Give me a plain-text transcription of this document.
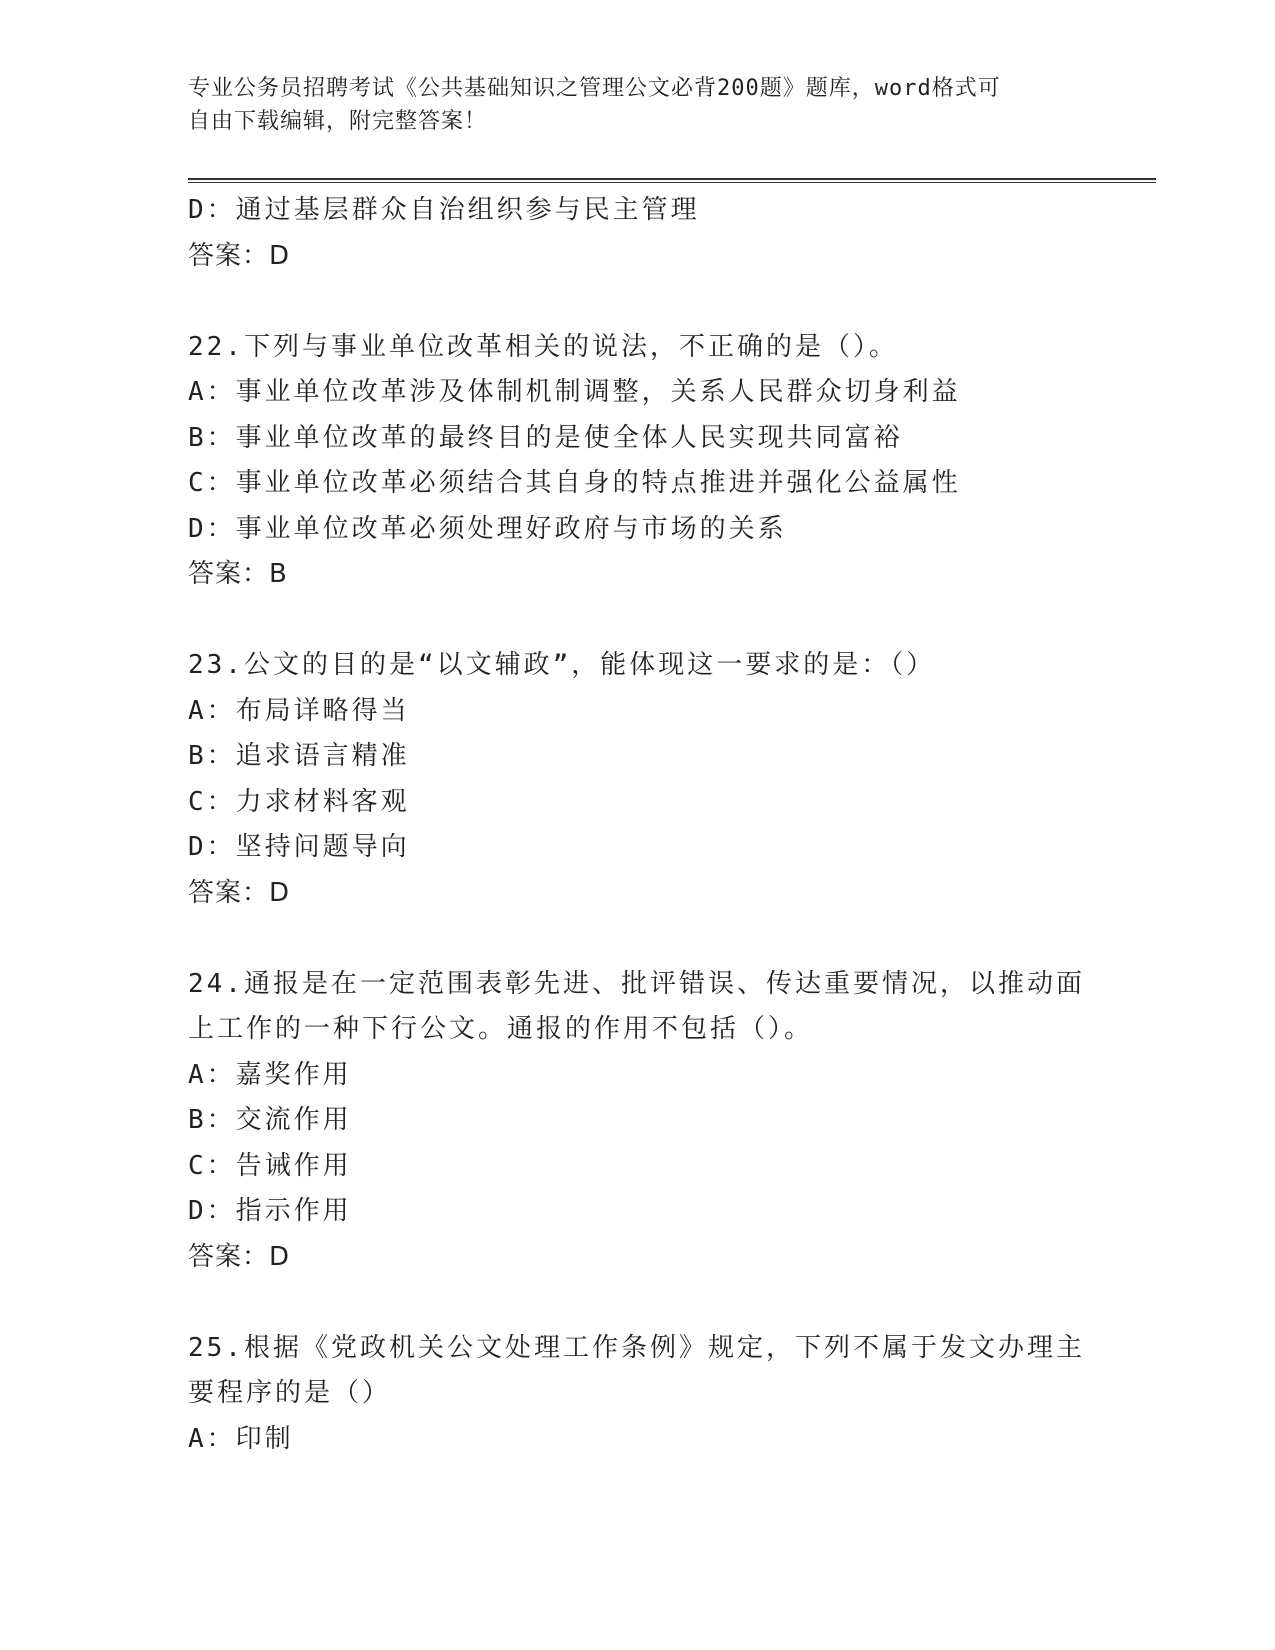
专业公务员招聘考试《公共基础知识之管理公文必背200题》题库，word格式可
自由下载编辑，附完整答案！
D：通过基层群众自治组织参与民主管理
答案：D
22.下列与事业单位改革相关的说法，不正确的是（）。
A：事业单位改革涉及体制机制调整，关系人民群众切身利益
B：事业单位改革的最终目的是使全体人民实现共同富裕
C：事业单位改革必须结合其自身的特点推进并强化公益属性
D：事业单位改革必须处理好政府与市场的关系
答案：B
23.公文的目的是“以文辅政”，能体现这一要求的是：（）
A：布局详略得当
B：追求语言精准
C：力求材料客观
D：坚持问题导向
答案：D
24.通报是在一定范围表彰先进、批评错误、传达重要情况，以推动面
上工作的一种下行公文。通报的作用不包括（）。
A：嘉奖作用
B：交流作用
C：告诫作用
D：指示作用
答案：D
25.根据《党政机关公文处理工作条例》规定，下列不属于发文办理主
要程序的是（）
A：印制
